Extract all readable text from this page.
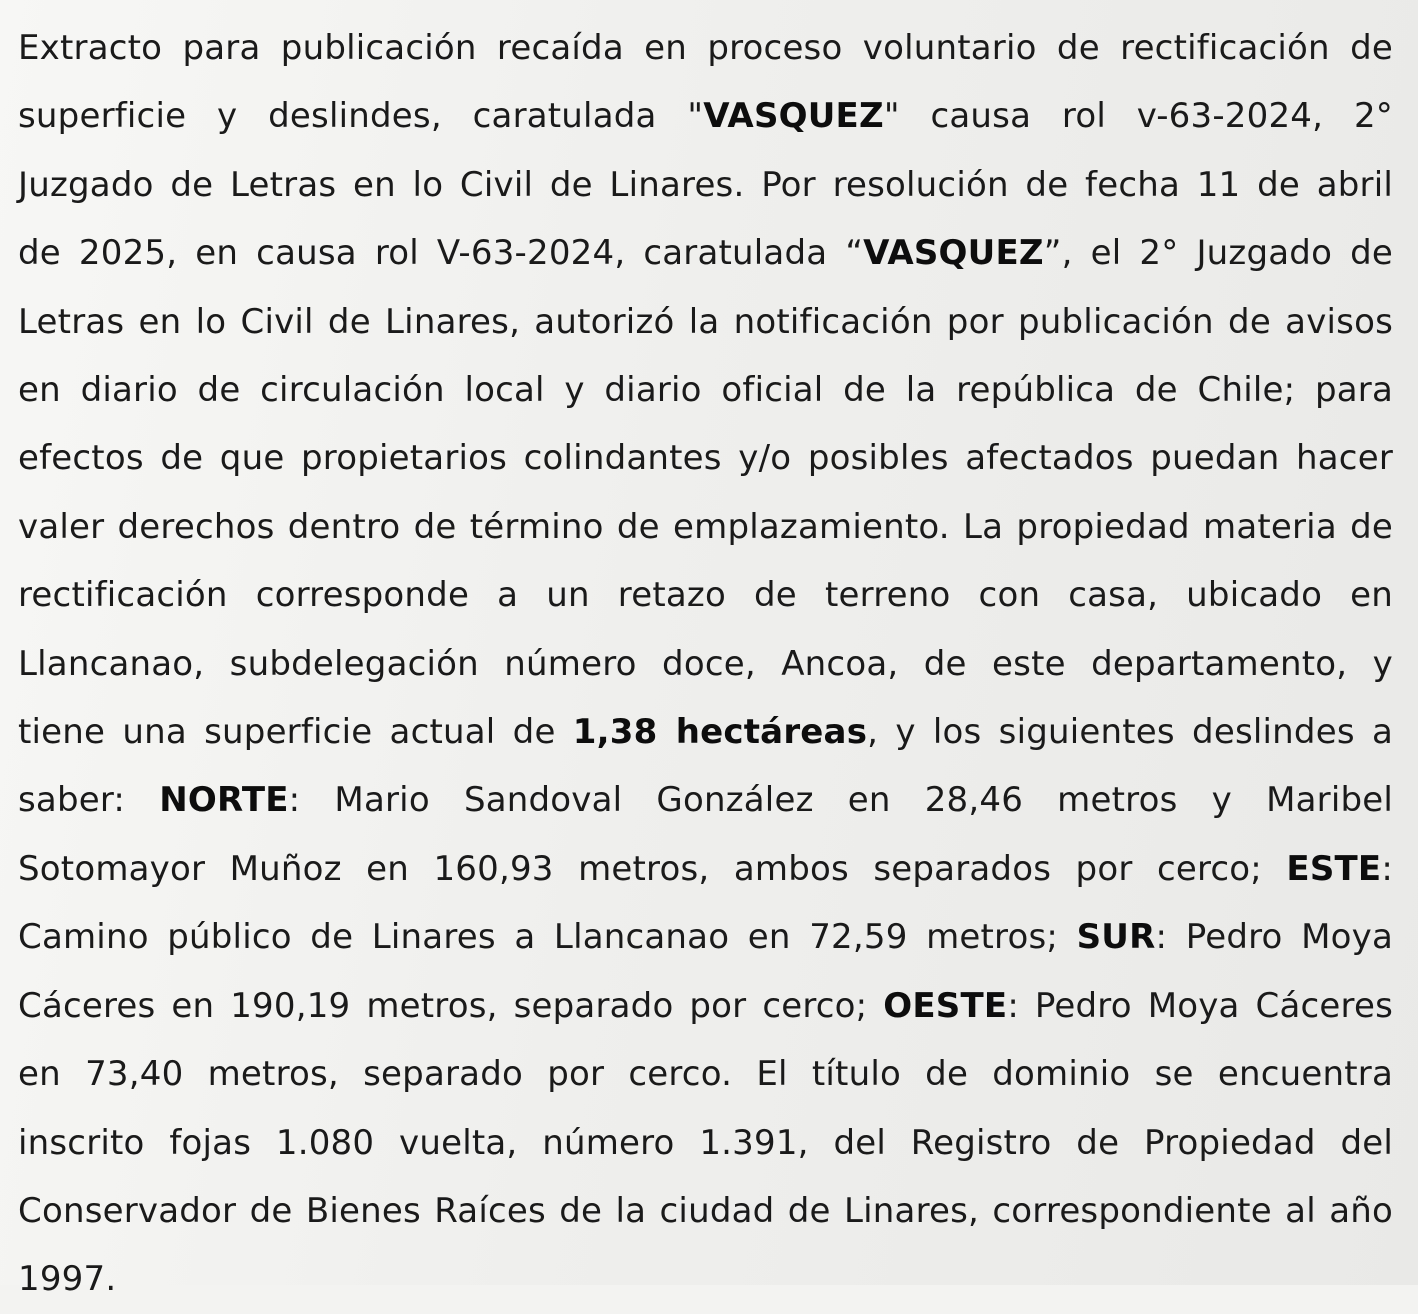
Extracto para publicación recaída en proceso voluntario de rectificación de superficie y deslindes, caratulada "VASQUEZ" causa rol v-63-2024, 2° Juzgado de Letras en lo Civil de Linares. Por resolución de fecha 11 de abril de 2025, en causa rol V-63-2024, caratulada “VASQUEZ”, el 2° Juzgado de Letras en lo Civil de Linares, autorizó la notificación por publicación de avisos en diario de circulación local y diario oficial de la república de Chile; para efectos de que propietarios colindantes y/o posibles afectados puedan hacer valer derechos dentro de término de emplazamiento. La propiedad materia de rectificación corresponde a un retazo de terreno con casa, ubicado en Llancanao, subdelegación número doce, Ancoa, de este departamento, y tiene una superficie actual de 1,38 hectáreas, y los siguientes deslindes a saber: NORTE: Mario Sandoval González en 28,46 metros y Maribel Sotomayor Muñoz en 160,93 metros, ambos separados por cerco; ESTE: Camino público de Linares a Llancanao en 72,59 metros; SUR: Pedro Moya Cáceres en 190,19 metros, separado por cerco; OESTE: Pedro Moya Cáceres en 73,40 metros, separado por cerco. El título de dominio se encuentra inscrito fojas 1.080 vuelta, número 1.391, del Registro de Propiedad del Conservador de Bienes Raíces de la ciudad de Linares, correspondiente al año 1997.
